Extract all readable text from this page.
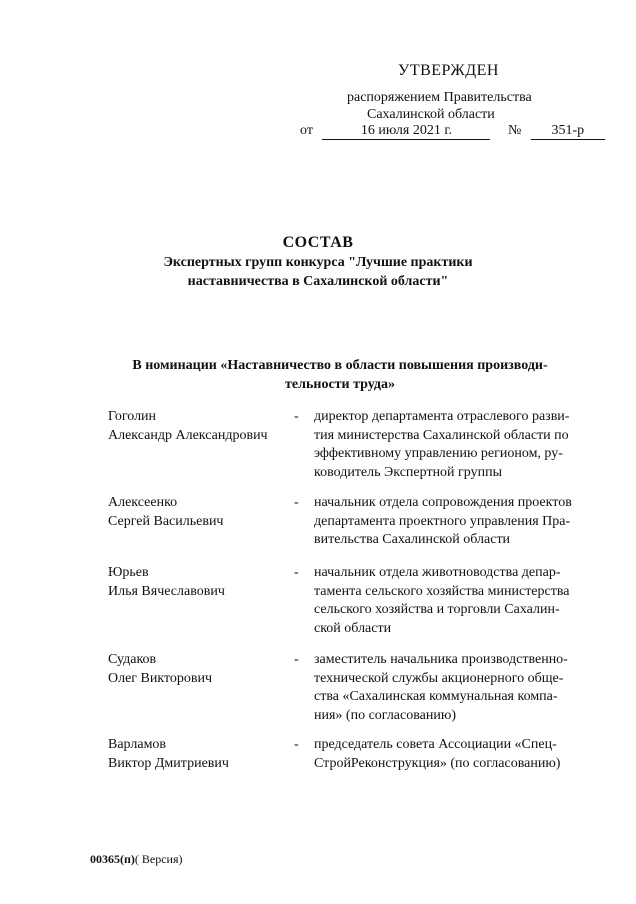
УТВЕРЖДЕН
распоряжением Правительства
Сахалинской области
от	16 июля 2021 г.	№ 351-р
СОСТАВ
Экспертных групп конкурса "Лучшие практики
наставничества в Сахалинской области"
В номинации «Наставничество в области повышения производи-
тельности труда»
Гоголин
Александр Александрович
- директор департамента отраслевого разви-
тия министерства Сахалинской области по
эффективному управлению регионом, ру-
ководитель Экспертной группы
Алексеенко
Сергей Васильевич
- начальник отдела сопровождения проектов
департамента проектного управления Пра-
вительства Сахалинской области
Юрьев
Илья Вячеславович
- начальник отдела животноводства депар-
тамента сельского хозяйства министерства
сельского хозяйства и торговли Сахалин-
ской области
Судаков
Олег Викторович
- заместитель начальника производственно-
технической службы акционерного обще-
ства «Сахалинская коммунальная компа-
ния» (по согласованию)
Варламов
Виктор Дмитриевич
- председатель совета Ассоциации «Спец-
СтройРеконструкция» (по согласованию)
00365(п)( Версия)
